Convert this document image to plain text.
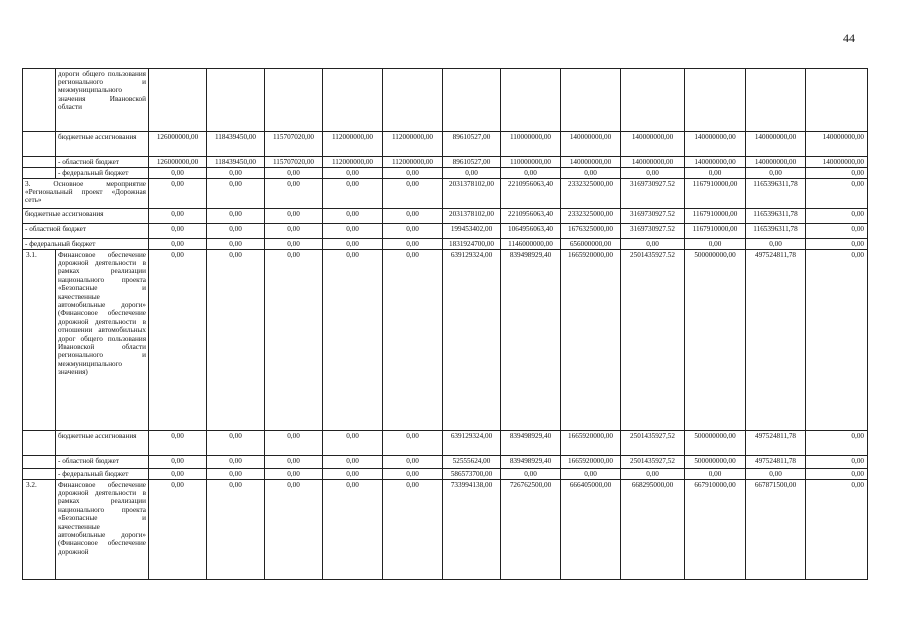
44
	дороги общего пользования регионального и межмуниципального значения Ивановской области												
	бюджетные ассигнования	126000000,00	118439450,00	115707020,00	112000000,00	112000000,00	89610527,00	110000000,00	140000000,00	140000000,00	140000000,00	140000000,00	140000000,00
	- областной бюджет	126000000,00	118439450,00	115707020,00	112000000,00	112000000,00	89610527,00	110000000,00	140000000,00	140000000,00	140000000,00	140000000,00	140000000,00
	- федеральный бюджет	0,00	0,00	0,00	0,00	0,00	0,00	0,00	0,00	0,00	0,00	0,00	0,00
3. Основное мероприятие «Региональный проект «Дорожная сеть»		0,00	0,00	0,00	0,00	0,00	2031378102,00	2210956063,40	2332325000,00	3169730927.52	1167910000,00	1165396311,78	0,00
бюджетные ассигнования		0,00	0,00	0,00	0,00	0,00	2031378102,00	2210956063,40	2332325000,00	3169730927.52	1167910000,00	1165396311,78	0,00
- областной бюджет		0,00	0,00	0,00	0,00	0,00	199453402,00	1064956063,40	1676325000,00	3169730927.52	1167910000,00	1165396311,78	0,00
- федеральный бюджет		0,00	0,00	0,00	0,00	0,00	1831924700,00	1146000000,00	656000000,00	0,00	0,00	0,00	0,00
3.1.	Финансовое обеспечение дорожной деятельности в рамках реализации национального проекта «Безопасные и качественные автомобильные дороги» (Финансовое обеспечение дорожной деятельности в отношении автомобильных дорог общего пользования Ивановской области регионального и межмуниципального значения)	0,00	0,00	0,00	0,00	0,00	639129324,00	839498929,40	1665920000,00	2501435927.52	500000000,00	497524811,78	0,00
	бюджетные ассигнования	0,00	0,00	0,00	0,00	0,00	639129324,00	839498929,40	1665920000,00	2501435927,52	500000000,00	497524811,78	0,00
	- областной бюджет	0,00	0,00	0,00	0,00	0,00	52555624,00	839498929,40	1665920000,00	2501435927,52	500000000,00	497524811,78	0,00
	- федеральный бюджет	0,00	0,00	0,00	0,00	0,00	586573700,00	0,00	0,00	0,00	0,00	0,00	0,00
3.2.	Финансовое обеспечение дорожной деятельности в рамках реализации национального проекта «Безопасные и качественные автомобильные дороги» (Финансовое обеспечение дорожной	0,00	0,00	0,00	0,00	0,00	733994138,00	726762500,00	666405000,00	668295000,00	667910000,00	667871500,00	0,00
